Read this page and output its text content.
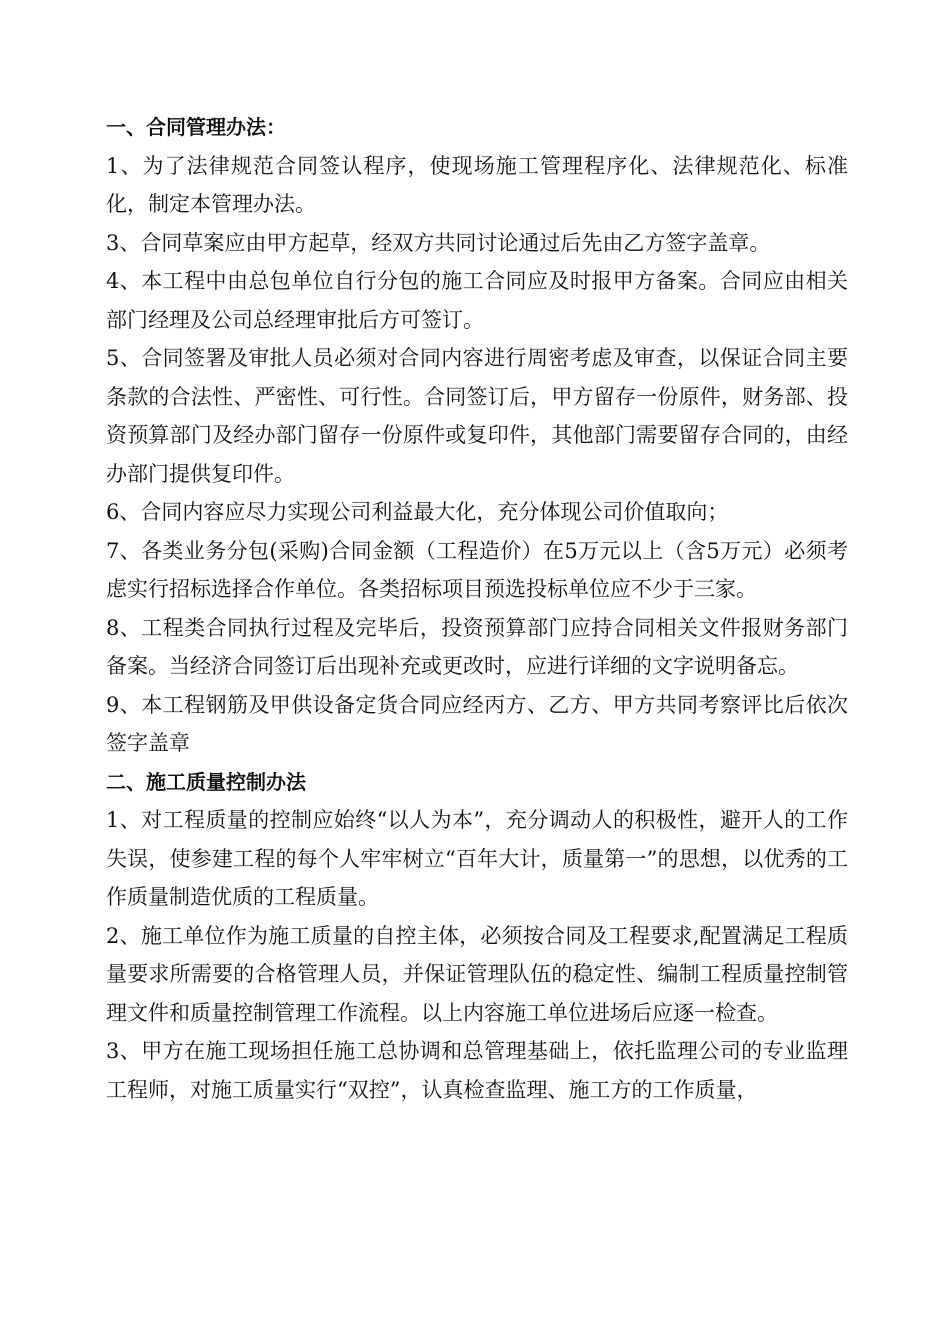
一、合同管理办法：

1、为了法律规范合同签认程序，使现场施工管理程序化、法律规范化、标准化，制定本管理办法。

3、合同草案应由甲方起草，经双方共同讨论通过后先由乙方签字盖章。

4、本工程中由总包单位自行分包的施工合同应及时报甲方备案。合同应由相关部门经理及公司总经理审批后方可签订。

5、合同签署及审批人员必须对合同内容进行周密考虑及审查，以保证合同主要条款的合法性、严密性、可行性。合同签订后，甲方留存一份原件，财务部、投资预算部门及经办部门留存一份原件或复印件，其他部门需要留存合同的，由经办部门提供复印件。

6、合同内容应尽力实现公司利益最大化，充分体现公司价值取向；

7、各类业务分包(采购)合同金额（工程造价）在5万元以上（含5万元）必须考虑实行招标选择合作单位。各类招标项目预选投标单位应不少于三家。

8、工程类合同执行过程及完毕后，投资预算部门应持合同相关文件报财务部门备案。当经济合同签订后出现补充或更改时，应进行详细的文字说明备忘。

9、本工程钢筋及甲供设备定货合同应经丙方、乙方、甲方共同考察评比后依次签字盖章

二、施工质量控制办法

1、对工程质量的控制应始终“以人为本”，充分调动人的积极性，避开人的工作失误，使参建工程的每个人牢牢树立“百年大计，质量第一”的思想，以优秀的工作质量制造优质的工程质量。

2、施工单位作为施工质量的自控主体，必须按合同及工程要求,配置满足工程质量要求所需要的合格管理人员，并保证管理队伍的稳定性、编制工程质量控制管理文件和质量控制管理工作流程。以上内容施工单位进场后应逐一检查。

3、甲方在施工现场担任施工总协调和总管理基础上，依托监理公司的专业监理工程师，对施工质量实行“双控”，认真检查监理、施工方的工作质量，
